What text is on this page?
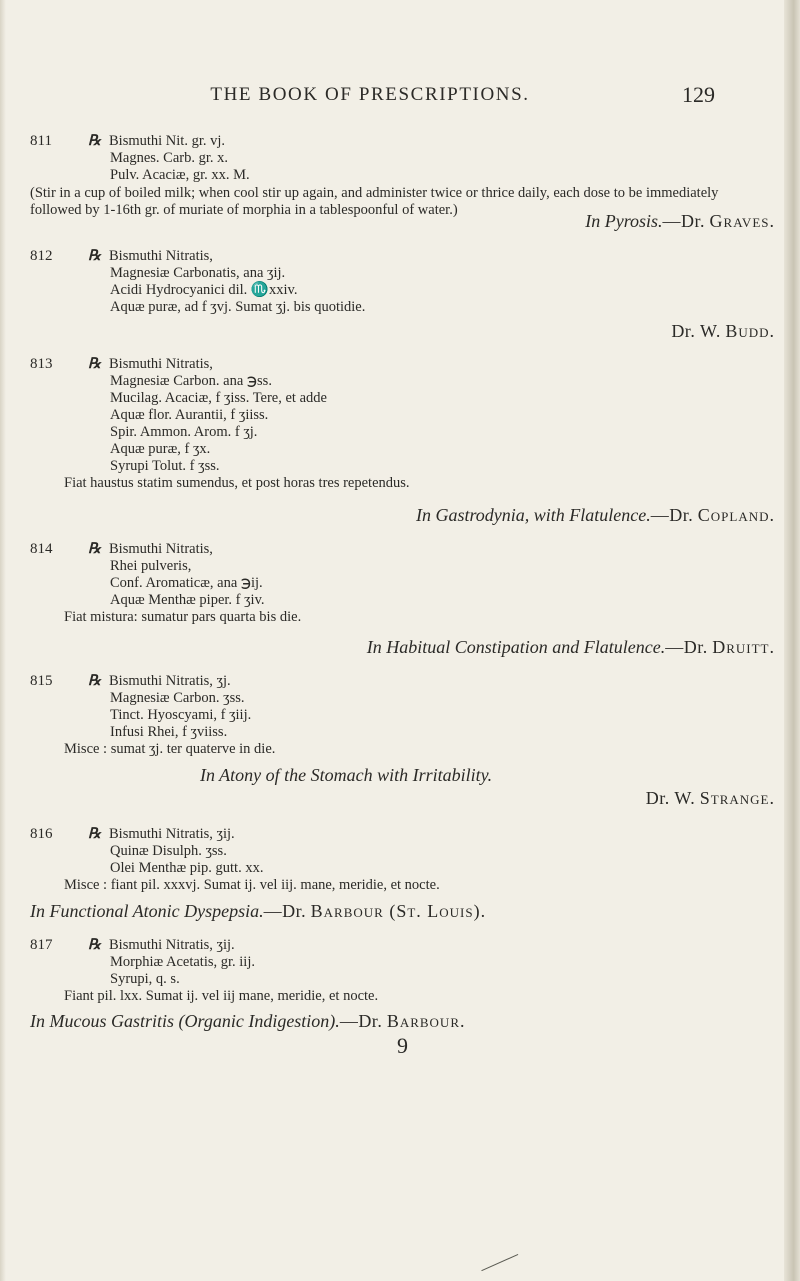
THE BOOK OF PRESCRIPTIONS.	129
811 ℞ Bismuthi Nit. gr. vj.
Magnes. Carb. gr. x.
Pulv. Acaciæ, gr. xx. M.
(Stir in a cup of boiled milk; when cool stir up again, and administer twice or thrice daily, each dose to be immediately followed by 1-16th gr. of muriate of morphia in a tablespoonful of water.)
In Pyrosis.—Dr. Graves.
812 ℞ Bismuthi Nitratis,
Magnesiæ Carbonatis, ana ʒij.
Acidi Hydrocyanici dil. ♏xxiv.
Aquæ puræ, ad f ʒvj. Sumat ʒj. bis quotidie.
Dr. W. Budd.
813 ℞ Bismuthi Nitratis,
Magnesiæ Carbon. ana ℈ss.
Mucilag. Acaciæ, f ʒiss. Tere, et adde
Aquæ flor. Aurantii, f ʒiiss.
Spir. Ammon. Arom. f ʒj.
Aquæ puræ, f ʒx.
Syrupi Tolut. f ʒss.
Fiat haustus statim sumendus, et post horas tres repetendus.
In Gastrodynia, with Flatulence.—Dr. Copland.
814 ℞ Bismuthi Nitratis,
Rhei pulveris,
Conf. Aromaticæ, ana ℈ij.
Aquæ Menthæ piper. f ʒiv.
Fiat mistura: sumatur pars quarta bis die.
In Habitual Constipation and Flatulence.—Dr. Druitt.
815 ℞ Bismuthi Nitratis, ʒj.
Magnesiæ Carbon. ʒss.
Tinct. Hyoscyami, f ʒiij.
Infusi Rhei, f ʒviiss.
Misce : sumat ʒj. ter quaterve in die.
In Atony of the Stomach with Irritability.
Dr. W. Strange.
816 ℞ Bismuthi Nitratis, ʒij.
Quinæ Disulph. ʒss.
Olei Menthæ pip. gutt. xx.
Misce : fiant pil. xxxvj. Sumat ij. vel iij. mane, meridie, et nocte.
In Functional Atonic Dyspepsia.—Dr. Barbour (St. Louis).
817 ℞ Bismuthi Nitratis, ʒij.
Morphiæ Acetatis, gr. iij.
Syrupi, q. s.
Fiant pil. lxx. Sumat ij. vel iij mane, meridie, et nocte.
In Mucous Gastritis (Organic Indigestion).—Dr. Barbour.
9
